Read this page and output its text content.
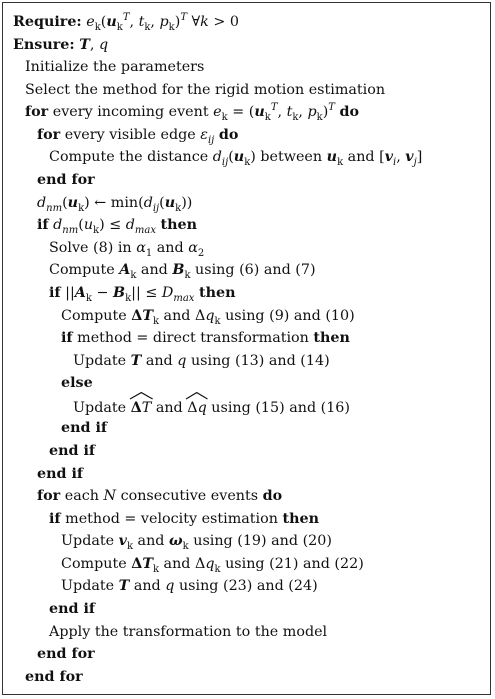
Require: $e_k(u_k^T$, $t_k$, $p_k)^T$ ∀k > 0
Ensure: T, q
Initialize the parameters
Select the method for the rigid motion estimation
for every incoming event $e_k = (u_k^T$, $t_k$, $p_k)^T$ do
for every visible edge $\varepsilon_{ij}$ do
Compute the distance $d_{ij}(u_k)$ between $u_k$ and [$v_i$, $v_j$]
end for
$d_{nm}(u_k)$ ← $\min(d_{ij}(u_k))$
if $d_{nm}(u_k) \le d_{max}$ then
Solve (8) in $\alpha_1$ and $\alpha_2$
Compute $A_k$ and $B_k$ using (6) and (7)
if $||A_k - B_k|| \le D_{max}$ then
Compute $\Delta T_k$ and $\Delta q_k$ using (9) and (10)
if method = direct transformation then
Update T and q using (13) and (14)
else
Update
ΔT and
Δq using (15) and (16)
end if
end if
end if
for each N consecutive events do
if method = velocity estimation then
Update $v_k$ and $\omega_k$ using (19) and (20)
Compute $\Delta T_k$ and $\Delta q_k$ using (21) and (22)
Update T and q using (23) and (24)
end if
Apply the transformation to the model
end for
end for
